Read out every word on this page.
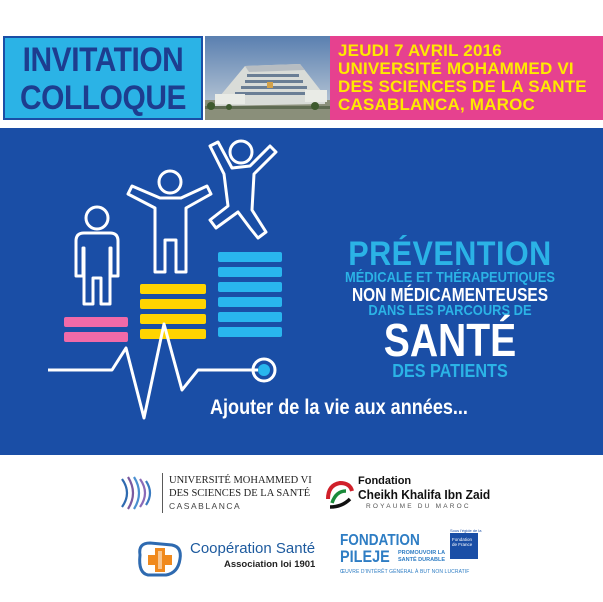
INVITATION
COLLOQUE
JEUDI 7 AVRIL 2016
UNIVERSITÉ MOHAMMED VI
DES SCIENCES DE LA SANTE
CASABLANCA, MAROC
PRÉVENTION
MÉDICALE ET THÉRAPEUTIQUES
NON MÉDICAMENTEUSES
DANS LES PARCOURS DE
SANTÉ
DES PATIENTS
Ajouter de la vie aux années...
UNIVERSITÉ MOHAMMED VI
DES SCIENCES DE LA SANTÉ
CASABLANCA
Fondation
Cheikh Khalifa Ibn Zaid
ROYAUME DU MAROC
Coopération Santé
Association loi 1901
FONDATION
PILEJE PROMOUVOIR LA SANTÉ DURABLE
ŒUVRE D'INTÉRÊT GÉNÉRAL À BUT NON LUCRATIF
Sous l'égide de la
Fondation de France
